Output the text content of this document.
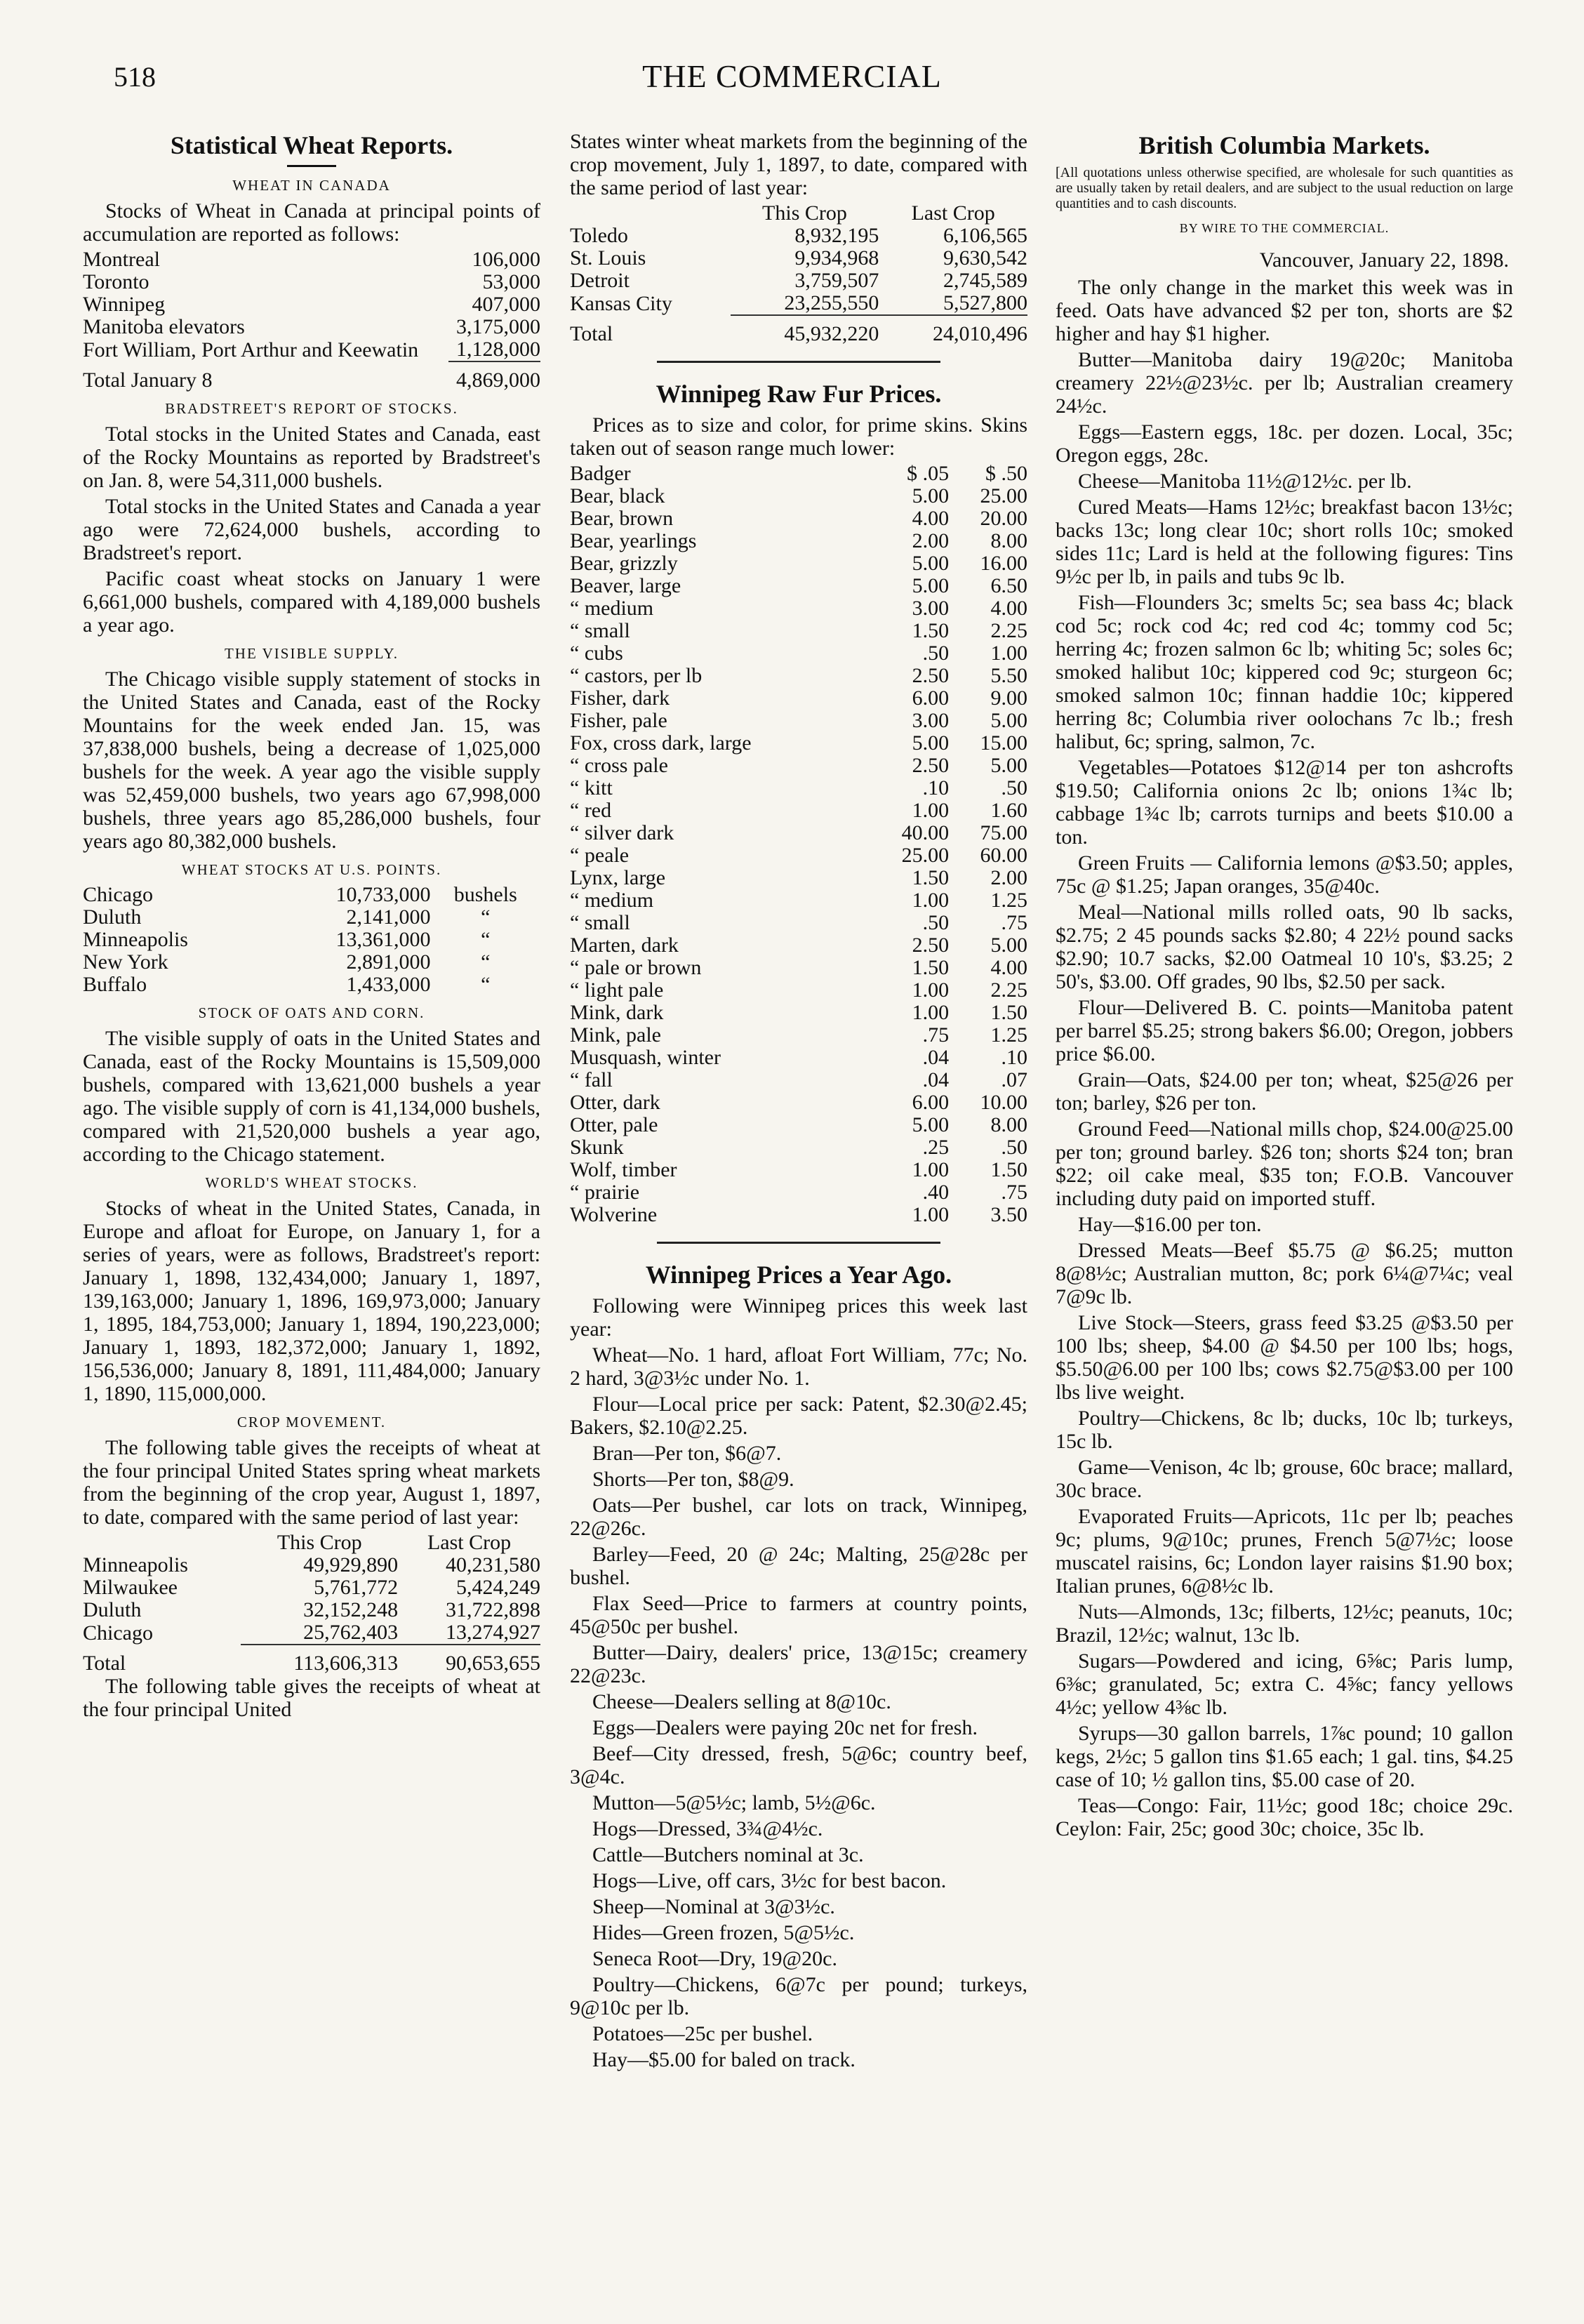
518	THE COMMERCIAL
Statistical Wheat Reports.
WHEAT IN CANADA

Stocks of Wheat in Canada at principal points of accumulation are reported as follows:

Montreal	106,000
Toronto	53,000
Winnipeg	407,000
Manitoba elevators	3,175,000
Fort William, Port Arthur and Keewatin	1,128,000
Total January 8	4,869,000
BRADSTREET'S REPORT OF STOCKS.

Total stocks in the United States and Canada, east of the Rocky Mountains as reported by Bradstreet's on Jan. 8, were 54,311,000 bushels.

Total stocks in the United States and Canada a year ago were 72,624,000 bushels, according to Bradstreet's report.

Pacific coast wheat stocks on January 1 were 6,661,000 bushels, compared with 4,189,000 bushels a year ago.

THE VISIBLE SUPPLY.

The Chicago visible supply statement of stocks in the United States and Canada, east of the Rocky Mountains for the week ended Jan. 15, was 37,838,000 bushels, being a decrease of 1,025,000 bushels for the week. A year ago the visible supply was 52,459,000 bushels, two years ago 67,998,000 bushels, three years ago 85,286,000 bushels, four years ago 80,382,000 bushels.

WHEAT STOCKS AT U.S. POINTS.
Chicago	10,733,000	bushels
Duluth	2,141,000	“
Minneapolis	13,361,000	“
New York	2,891,000	“
Buffalo	1,433,000	“
STOCK OF OATS AND CORN.

The visible supply of oats in the United States and Canada, east of the Rocky Mountains is 15,509,000 bushels, compared with 13,621,000 bushels a year ago. The visible supply of corn is 41,134,000 bushels, compared with 21,520,000 bushels a year ago, according to the Chicago statement.

WORLD'S WHEAT STOCKS.

Stocks of wheat in the United States, Canada, in Europe and afloat for Europe, on January 1, for a series of years, were as follows, Bradstreet's report: January 1, 1898, 132,434,000; January 1, 1897, 139,163,000; January 1, 1896, 169,973,000; January 1, 1895, 184,753,000; January 1, 1894, 190,223,000; January 1, 1893, 182,372,000; January 1, 1892, 156,536,000; January 8, 1891, 111,484,000; January 1, 1890, 115,000,000.

CROP MOVEMENT.

The following table gives the receipts of wheat at the four principal United States spring wheat markets from the beginning of the crop year, August 1, 1897, to date, compared with the same period of last year:

	This Crop	Last Crop
Minneapolis	49,929,890	40,231,580
Milwaukee	5,761,772	5,424,249
Duluth	32,152,248	31,722,898
Chicago	25,762,403	13,274,927
Total	113,606,313	90,653,655

The following table gives the receipts of wheat at the four principal United

States winter wheat markets from the beginning of the crop movement, July 1, 1897, to date, compared with the same period of last year:

	This Crop	Last Crop
Toledo	8,932,195	6,106,565
St. Louis	9,934,968	9,630,542
Detroit	3,759,507	2,745,589
Kansas City	23,255,550	5,527,800
Total	45,932,220	24,010,496
Winnipeg Raw Fur Prices.

Prices as to size and color, for prime skins. Skins taken out of season range much lower:

Badger	$ .05	$ .50
Bear, black	5.00	25.00
Bear, brown	4.00	20.00
Bear, yearlings	2.00	8.00
Bear, grizzly	5.00	16.00
Beaver, large	5.00	6.50
“ medium	3.00	4.00
“ small	1.50	2.25
“ cubs	.50	1.00
“ castors, per lb	2.50	5.50
Fisher, dark	6.00	9.00
Fisher, pale	3.00	5.00
Fox, cross dark, large	5.00	15.00
“ cross pale	2.50	5.00
“ kitt	.10	.50
“ red	1.00	1.60
“ silver dark	40.00	75.00
“ peale	25.00	60.00
Lynx, large	1.50	2.00
“ medium	1.00	1.25
“ small	.50	.75
Marten, dark	2.50	5.00
“ pale or brown	1.50	4.00
“ light pale	1.00	2.25
Mink, dark	1.00	1.50
Mink, pale	.75	1.25
Musquash, winter	.04	.10
“ fall	.04	.07
Otter, dark	6.00	10.00
Otter, pale	5.00	8.00
Skunk	.25	.50
Wolf, timber	1.00	1.50
“ prairie	.40	.75
Wolverine	1.00	3.50
Winnipeg Prices a Year Ago.

Following were Winnipeg prices this week last year:

Wheat—No. 1 hard, afloat Fort William, 77c; No. 2 hard, 3@3½c under No. 1.

Flour—Local price per sack: Patent, $2.30@2.45; Bakers, $2.10@2.25.

Bran—Per ton, $6@7.

Shorts—Per ton, $8@9.

Oats—Per bushel, car lots on track, Winnipeg, 22@26c.

Barley—Feed, 20 @ 24c; Malting, 25@28c per bushel.

Flax Seed—Price to farmers at country points, 45@50c per bushel.

Butter—Dairy, dealers' price, 13@15c; creamery 22@23c.

Cheese—Dealers selling at 8@10c.

Eggs—Dealers were paying 20c net for fresh.

Beef—City dressed, fresh, 5@6c; country beef, 3@4c.

Mutton—5@5½c; lamb, 5½@6c.

Hogs—Dressed, 3¾@4½c.

Cattle—Butchers nominal at 3c.

Hogs—Live, off cars, 3½c for best bacon.

Sheep—Nominal at 3@3½c.

Hides—Green frozen, 5@5½c.

Seneca Root—Dry, 19@20c.

Poultry—Chickens, 6@7c per pound; turkeys, 9@10c per lb.

Potatoes—25c per bushel.

Hay—$5.00 for baled on track.

British Columbia Markets.
[All quotations unless otherwise specified, are wholesale for such quantities as are usually taken by retail dealers, and are subject to the usual reduction on large quantities and to cash discounts.
BY WIRE TO THE COMMERCIAL.
Vancouver, January 22, 1898.

The only change in the market this week was in feed. Oats have advanced $2 per ton, shorts are $2 higher and hay $1 higher.

Butter—Manitoba dairy 19@20c; Manitoba creamery 22½@23½c. per lb; Australian creamery 24½c.

Eggs—Eastern eggs, 18c. per dozen. Local, 35c; Oregon eggs, 28c.

Cheese—Manitoba 11½@12½c. per lb.

Cured Meats—Hams 12½c; breakfast bacon 13½c; backs 13c; long clear 10c; short rolls 10c; smoked sides 11c; Lard is held at the following figures: Tins 9½c per lb, in pails and tubs 9c lb.

Fish—Flounders 3c; smelts 5c; sea bass 4c; black cod 5c; rock cod 4c; red cod 4c; tommy cod 5c; herring 4c; frozen salmon 6c lb; whiting 5c; soles 6c; smoked halibut 10c; kippered cod 9c; sturgeon 6c; smoked salmon 10c; finnan haddie 10c; kippered herring 8c; Columbia river oolochans 7c lb.; fresh halibut, 6c; spring, salmon, 7c.

Vegetables—Potatoes $12@14 per ton ashcrofts $19.50; California onions 2c lb; onions 1¾c lb; cabbage 1¾c lb; carrots turnips and beets $10.00 a ton.

Green Fruits — California lemons @$3.50; apples, 75c @ $1.25; Japan oranges, 35@40c.

Meal—National mills rolled oats, 90 lb sacks, $2.75; 2 45 pounds sacks $2.80; 4 22½ pound sacks $2.90; 10.7 sacks, $2.00 Oatmeal 10 10's, $3.25; 2 50's, $3.00. Off grades, 90 lbs, $2.50 per sack.

Flour—Delivered B. C. points—Manitoba patent per barrel $5.25; strong bakers $6.00; Oregon, jobbers price $6.00.

Grain—Oats, $24.00 per ton; wheat, $25@26 per ton; barley, $26 per ton.

Ground Feed—National mills chop, $24.00@25.00 per ton; ground barley. $26 ton; shorts $24 ton; bran $22; oil cake meal, $35 ton; F.O.B. Vancouver including duty paid on imported stuff.

Hay—$16.00 per ton.

Dressed Meats—Beef $5.75 @ $6.25; mutton 8@8½c; Australian mutton, 8c; pork 6¼@7¼c; veal 7@9c lb.

Live Stock—Steers, grass feed $3.25 @$3.50 per 100 lbs; sheep, $4.00 @ $4.50 per 100 lbs; hogs, $5.50@6.00 per 100 lbs; cows $2.75@$3.00 per 100 lbs live weight.

Poultry—Chickens, 8c lb; ducks, 10c lb; turkeys, 15c lb.

Game—Venison, 4c lb; grouse, 60c brace; mallard, 30c brace.

Evaporated Fruits—Apricots, 11c per lb; peaches 9c; plums, 9@10c; prunes, French 5@7½c; loose muscatel raisins, 6c; London layer raisins $1.90 box; Italian prunes, 6@8½c lb.

Nuts—Almonds, 13c; filberts, 12½c; peanuts, 10c; Brazil, 12½c; walnut, 13c lb.

Sugars—Powdered and icing, 6⅝c; Paris lump, 6⅜c; granulated, 5c; extra C. 4⅝c; fancy yellows 4½c; yellow 4⅜c lb.

Syrups—30 gallon barrels, 1⅞c pound; 10 gallon kegs, 2½c; 5 gallon tins $1.65 each; 1 gal. tins, $4.25 case of 10; ½ gallon tins, $5.00 case of 20.

Teas—Congo: Fair, 11½c; good 18c; choice 29c. Ceylon: Fair, 25c; good 30c; choice, 35c lb.
